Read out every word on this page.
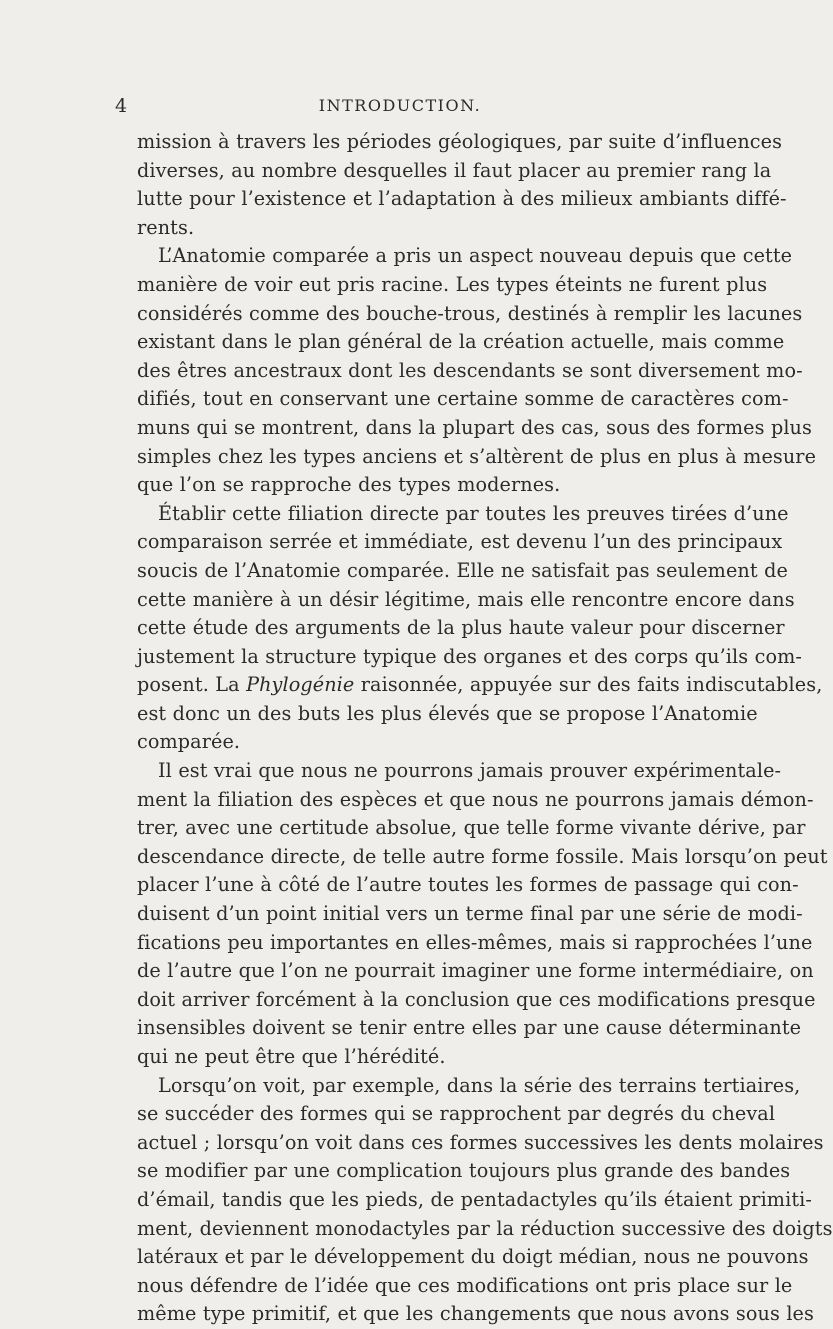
4	INTRODUCTION.

mission à travers les périodes géologiques, par suite d’influences
diverses, au nombre desquelles il faut placer au premier rang la
lutte pour l’existence et l’adaptation à des milieux ambiants diffé-
rents.

L’Anatomie comparée a pris un aspect nouveau depuis que cette
manière de voir eut pris racine. Les types éteints ne furent plus
considérés comme des bouche-trous, destinés à remplir les lacunes
existant dans le plan général de la création actuelle, mais comme
des êtres ancestraux dont les descendants se sont diversement mo-
difiés, tout en conservant une certaine somme de caractères com-
muns qui se montrent, dans la plupart des cas, sous des formes plus
simples chez les types anciens et s’altèrent de plus en plus à mesure
que l’on se rapproche des types modernes.

Établir cette filiation directe par toutes les preuves tirées d’une
comparaison serrée et immédiate, est devenu l’un des principaux
soucis de l’Anatomie comparée. Elle ne satisfait pas seulement de
cette manière à un désir légitime, mais elle rencontre encore dans
cette étude des arguments de la plus haute valeur pour discerner
justement la structure typique des organes et des corps qu’ils com-
posent. La Phylogénie raisonnée, appuyée sur des faits indiscutables,
est donc un des buts les plus élevés que se propose l’Anatomie
comparée.

Il est vrai que nous ne pourrons jamais prouver expérimentale-
ment la filiation des espèces et que nous ne pourrons jamais démon-
trer, avec une certitude absolue, que telle forme vivante dérive, par
descendance directe, de telle autre forme fossile. Mais lorsqu’on peut
placer l’une à côté de l’autre toutes les formes de passage qui con-
duisent d’un point initial vers un terme final par une série de modi-
fications peu importantes en elles-mêmes, mais si rapprochées l’une
de l’autre que l’on ne pourrait imaginer une forme intermédiaire, on
doit arriver forcément à la conclusion que ces modifications presque
insensibles doivent se tenir entre elles par une cause déterminante
qui ne peut être que l’hérédité.

Lorsqu’on voit, par exemple, dans la série des terrains tertiaires,
se succéder des formes qui se rapprochent par degrés du cheval
actuel ; lorsqu’on voit dans ces formes successives les dents molaires
se modifier par une complication toujours plus grande des bandes
d’émail, tandis que les pieds, de pentadactyles qu’ils étaient primiti-
ment, deviennent monodactyles par la réduction successive des doigts
latéraux et par le développement du doigt médian, nous ne pouvons
nous défendre de l’idée que ces modifications ont pris place sur le
même type primitif, et que les changements que nous avons sous les
